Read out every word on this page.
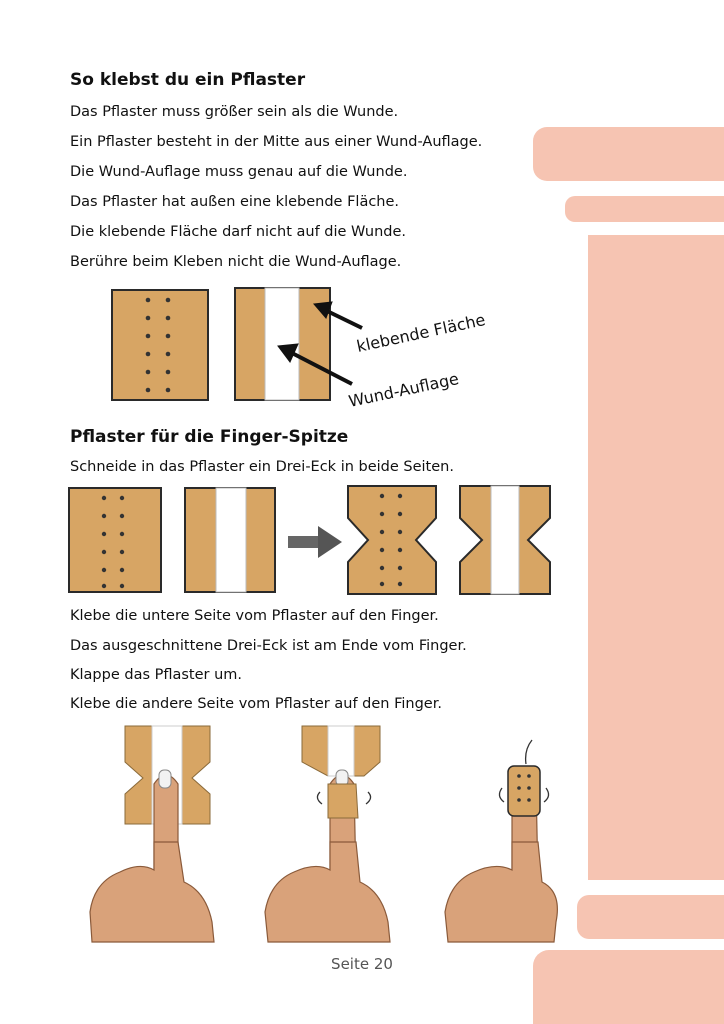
So klebst du ein Pflaster
Das Pflaster muss größer sein als die Wunde.
Ein Pflaster besteht in der Mitte aus einer Wund-Auflage.
Die Wund-Auflage muss genau auf die Wunde.
Das Pflaster hat außen eine klebende Fläche.
Die klebende Fläche darf nicht auf die Wunde.
Berühre beim Kleben nicht die Wund-Auflage.
klebende Fläche
Wund-Auflage
Pflaster für die Finger-Spitze
Schneide in das Pflaster ein Drei-Eck in beide Seiten.
Klebe die untere Seite vom Pflaster auf den Finger.
Das ausgeschnittene Drei-Eck ist am Ende vom Finger.
Klappe das Pflaster um.
Klebe die andere Seite vom Pflaster auf den Finger.
Seite 20
